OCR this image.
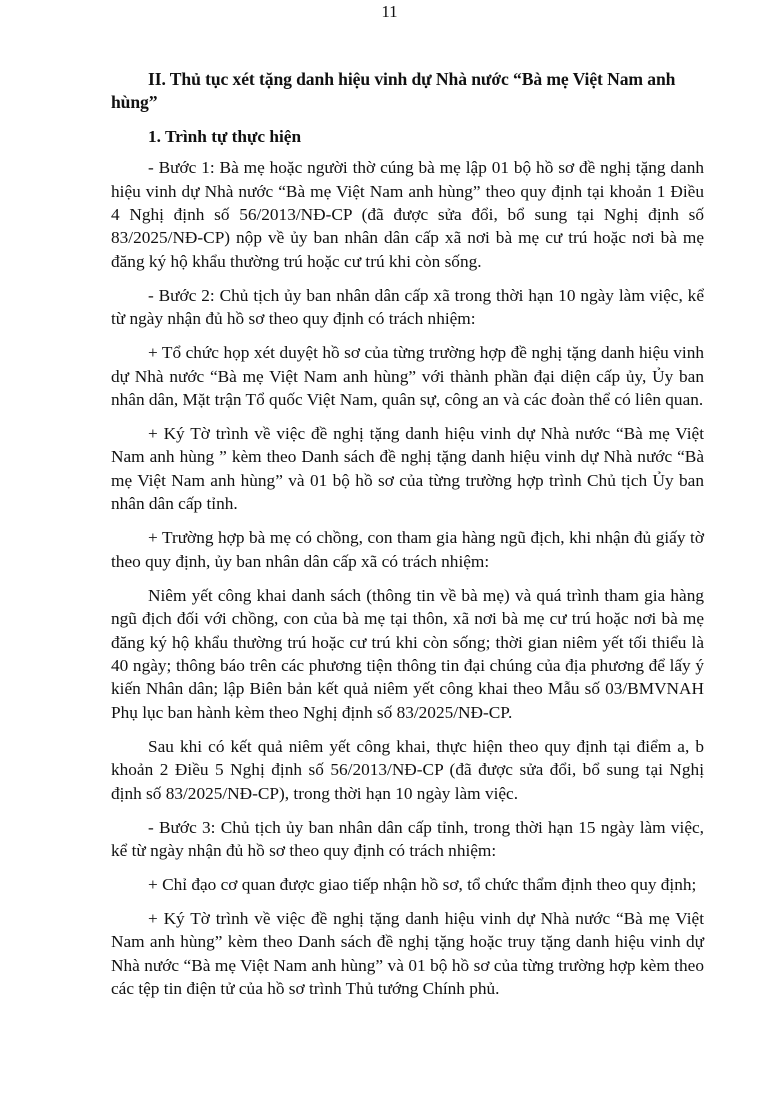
11

II. Thủ tục xét tặng danh hiệu vinh dự Nhà nước “Bà mẹ Việt Nam anh hùng”

1. Trình tự thực hiện

- Bước 1: Bà mẹ hoặc người thờ cúng bà mẹ lập 01 bộ hồ sơ đề nghị tặng danh hiệu vinh dự Nhà nước “Bà mẹ Việt Nam anh hùng” theo quy định tại khoản 1 Điều 4 Nghị định số 56/2013/NĐ-CP (đã được sửa đổi, bổ sung tại Nghị định số 83/2025/NĐ-CP) nộp về ủy ban nhân dân cấp xã nơi bà mẹ cư trú hoặc nơi bà mẹ đăng ký hộ khẩu thường trú hoặc cư trú khi còn sống.

- Bước 2: Chủ tịch ủy ban nhân dân cấp xã trong thời hạn 10 ngày làm việc, kể từ ngày nhận đủ hồ sơ theo quy định có trách nhiệm:

+ Tổ chức họp xét duyệt hồ sơ của từng trường hợp đề nghị tặng danh hiệu vinh dự Nhà nước “Bà mẹ Việt Nam anh hùng” với thành phần đại diện cấp ủy, Ủy ban nhân dân, Mặt trận Tổ quốc Việt Nam, quân sự, công an và các đoàn thể có liên quan.

+ Ký Tờ trình về việc đề nghị tặng danh hiệu vinh dự Nhà nước “Bà mẹ Việt Nam anh hùng ” kèm theo Danh sách đề nghị tặng danh hiệu vinh dự Nhà nước “Bà mẹ Việt Nam anh hùng” và 01 bộ hồ sơ của từng trường hợp trình Chủ tịch Ủy ban nhân dân cấp tỉnh.

+ Trường hợp bà mẹ có chồng, con tham gia hàng ngũ địch, khi nhận đủ giấy tờ theo quy định, ủy ban nhân dân cấp xã có trách nhiệm:

Niêm yết công khai danh sách (thông tin về bà mẹ) và quá trình tham gia hàng ngũ địch đối với chồng, con của bà mẹ tại thôn, xã nơi bà mẹ cư trú hoặc nơi bà mẹ đăng ký hộ khẩu thường trú hoặc cư trú khi còn sống; thời gian niêm yết tối thiểu là 40 ngày; thông báo trên các phương tiện thông tin đại chúng của địa phương để lấy ý kiến Nhân dân; lập Biên bản kết quả niêm yết công khai theo Mẫu số 03/BMVNAH Phụ lục ban hành kèm theo Nghị định số 83/2025/NĐ-CP.

Sau khi có kết quả niêm yết công khai, thực hiện theo quy định tại điểm a, b khoản 2 Điều 5 Nghị định số 56/2013/NĐ-CP (đã được sửa đổi, bổ sung tại Nghị định số 83/2025/NĐ-CP), trong thời hạn 10 ngày làm việc.

- Bước 3: Chủ tịch ủy ban nhân dân cấp tỉnh, trong thời hạn 15 ngày làm việc, kể từ ngày nhận đủ hồ sơ theo quy định có trách nhiệm:

+ Chỉ đạo cơ quan được giao tiếp nhận hồ sơ, tổ chức thẩm định theo quy định;

+ Ký Tờ trình về việc đề nghị tặng danh hiệu vinh dự Nhà nước “Bà mẹ Việt Nam anh hùng” kèm theo Danh sách đề nghị tặng hoặc truy tặng danh hiệu vinh dự Nhà nước “Bà mẹ Việt Nam anh hùng” và 01 bộ hồ sơ của từng trường hợp kèm theo các tệp tin điện tử của hồ sơ trình Thủ tướng Chính phủ.
